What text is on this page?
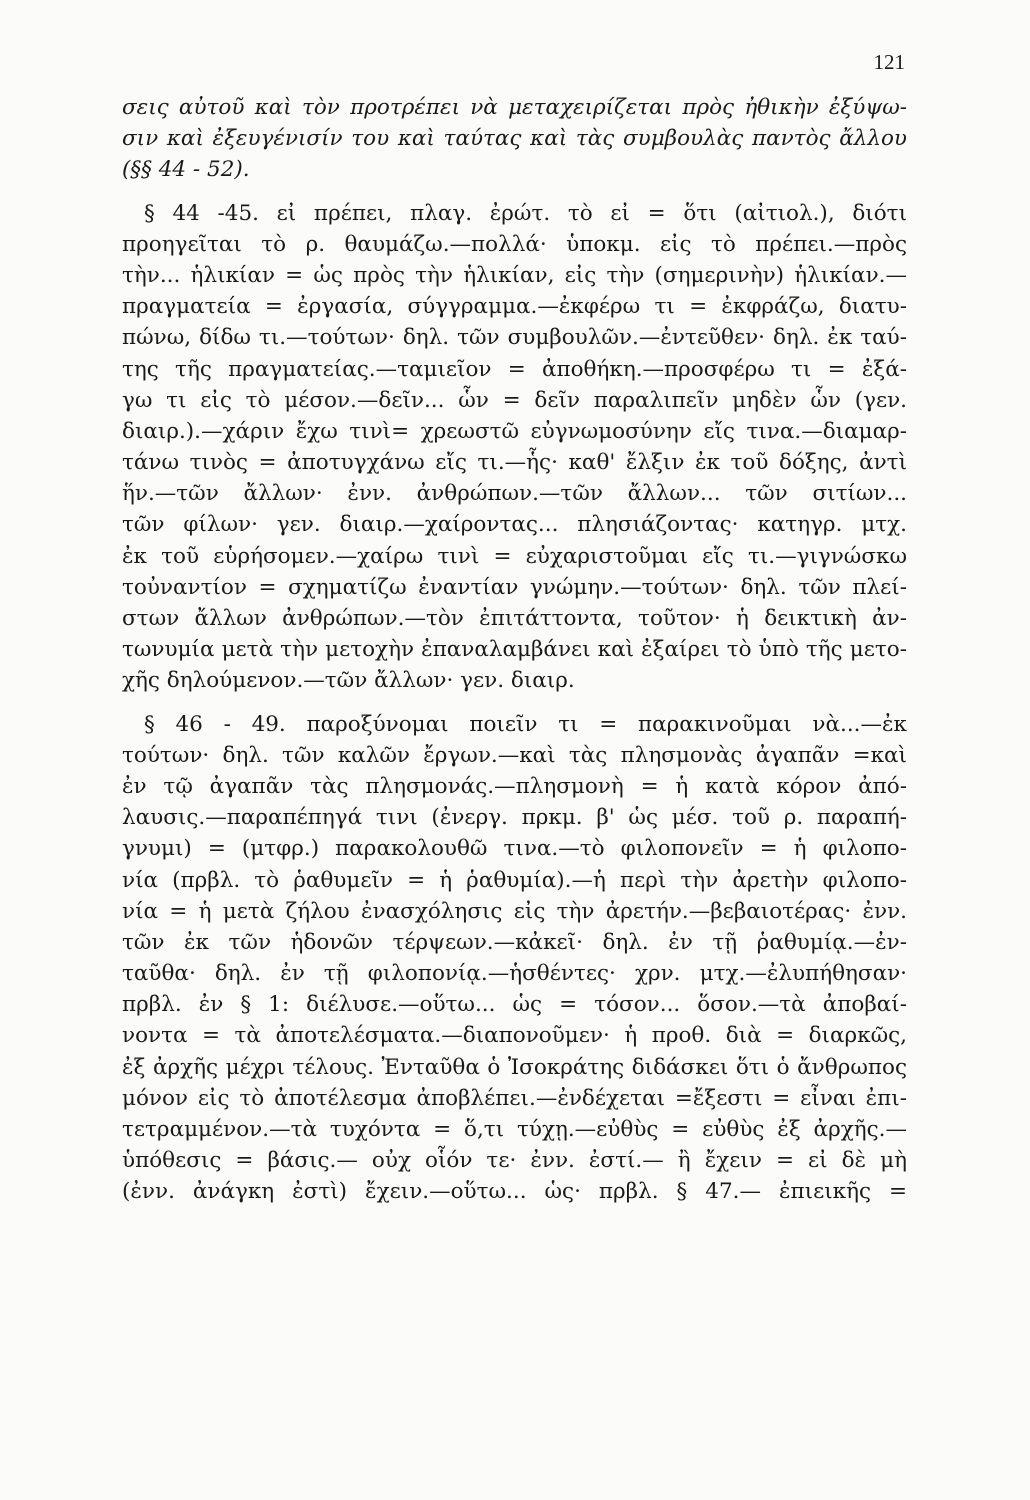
121
σεις αὐτοῦ καὶ τὸν προτρέπει νὰ μεταχειρίζεται πρὸς ἠθικὴν ἐξύψω-
σιν καὶ ἐξευγένισίν του καὶ ταύτας καὶ τὰς συμβουλὰς παντὸς ἄλλου
(§§ 44 - 52).
§ 44 -45. εἰ πρέπει, πλαγ. ἐρώτ. τὸ εἰ = ὅτι (αἰτιολ.), διότι
προηγεῖται τὸ ρ. θαυμάζω.—πολλά· ὑποκμ. εἰς τὸ πρέπει.—πρὸς
τὴν... ἡλικίαν = ὡς πρὸς τὴν ἡλικίαν, εἰς τὴν (σημερινὴν) ἡλικίαν.—
πραγματεία = ἐργασία, σύγγραμμα.—ἐκφέρω τι = ἐκφράζω, διατυ-
πώνω, δίδω τι.—τούτων· δηλ. τῶν συμβουλῶν.—ἐντεῦθεν· δηλ. ἐκ ταύ-
της τῆς πραγματείας.—ταμιεῖον = ἀποθήκη.—προσφέρω τι = ἐξά-
γω τι εἰς τὸ μέσον.—δεῖν... ὧν = δεῖν παραλιπεῖν μηδὲν ὧν (γεν.
διαιρ.).—χάριν ἔχω τινὶ= χρεωστῶ εὐγνωμοσύνην εἴς τινα.—διαμαρ-
τάνω τινὸς = ἀποτυγχάνω εἴς τι.—ἧς· καθ' ἔλξιν ἐκ τοῦ δόξης, ἀντὶ
ἥν.—τῶν ἄλλων· ἐνν. ἀνθρώπων.—τῶν ἄλλων... τῶν σιτίων...
τῶν φίλων· γεν. διαιρ.—χαίροντας... πλησιάζοντας· κατηγρ. μτχ.
ἐκ τοῦ εὑρήσομεν.—χαίρω τινὶ = εὐχαριστοῦμαι εἴς τι.—γιγνώσκω
τοὐναντίον = σχηματίζω ἐναντίαν γνώμην.—τούτων· δηλ. τῶν πλεί-
στων ἄλλων ἀνθρώπων.—τὸν ἐπιτάττοντα, τοῦτον· ἡ δεικτικὴ ἀν-
τωνυμία μετὰ τὴν μετοχὴν ἐπαναλαμβάνει καὶ ἐξαίρει τὸ ὑπὸ τῆς μετο-
χῆς δηλούμενον.—τῶν ἄλλων· γεν. διαιρ.
§ 46 - 49. παροξύνομαι ποιεῖν τι = παρακινοῦμαι νὰ...—ἐκ
τούτων· δηλ. τῶν καλῶν ἔργων.—καὶ τὰς πλησμονὰς ἀγαπᾶν =καὶ
ἐν τῷ ἀγαπᾶν τὰς πλησμονάς.—πλησμονὴ = ἡ κατὰ κόρον ἀπό-
λαυσις.—παραπέπηγά τινι (ἐνεργ. πρκμ. β' ὡς μέσ. τοῦ ρ. παραπή-
γνυμι) = (μτφρ.) παρακολουθῶ τινα.—τὸ φιλοπονεῖν = ἡ φιλοπο-
νία (πρβλ. τὸ ῥαθυμεῖν = ἡ ῥαθυμία).—ἡ περὶ τὴν ἀρετὴν φιλοπο-
νία = ἡ μετὰ ζήλου ἐνασχόλησις εἰς τὴν ἀρετήν.—βεβαιοτέρας· ἐνν.
τῶν ἐκ τῶν ἡδονῶν τέρψεων.—κἀκεῖ· δηλ. ἐν τῇ ῥαθυμίᾳ.—ἐν-
ταῦθα· δηλ. ἐν τῇ φιλοπονίᾳ.—ἡσθέντες· χρν. μτχ.—ἐλυπήθησαν·
πρβλ. ἐν § 1: διέλυσε.—οὕτω... ὡς = τόσον... ὅσον.—τὰ ἀποβαί-
νοντα = τὰ ἀποτελέσματα.—διαπονοῦμεν· ἡ προθ. διὰ = διαρκῶς,
ἐξ ἀρχῆς μέχρι τέλους. Ἐνταῦθα ὁ Ἰσοκράτης διδάσκει ὅτι ὁ ἄνθρωπος
μόνον εἰς τὸ ἀποτέλεσμα ἀποβλέπει.—ἐνδέχεται =ἔξεστι = εἶναι ἐπι-
τετραμμένον.—τὰ τυχόντα = ὅ,τι τύχῃ.—εὐθὺς = εὐθὺς ἐξ ἀρχῆς.—
ὑπόθεσις = βάσις.— οὐχ οἷόν τε· ἐνν. ἐστί.— ἢ ἔχειν = εἰ δὲ μὴ
(ἐνν. ἀνάγκη ἐστὶ) ἔχειν.—οὕτω... ὡς· πρβλ. § 47.— ἐπιεικῆς =
